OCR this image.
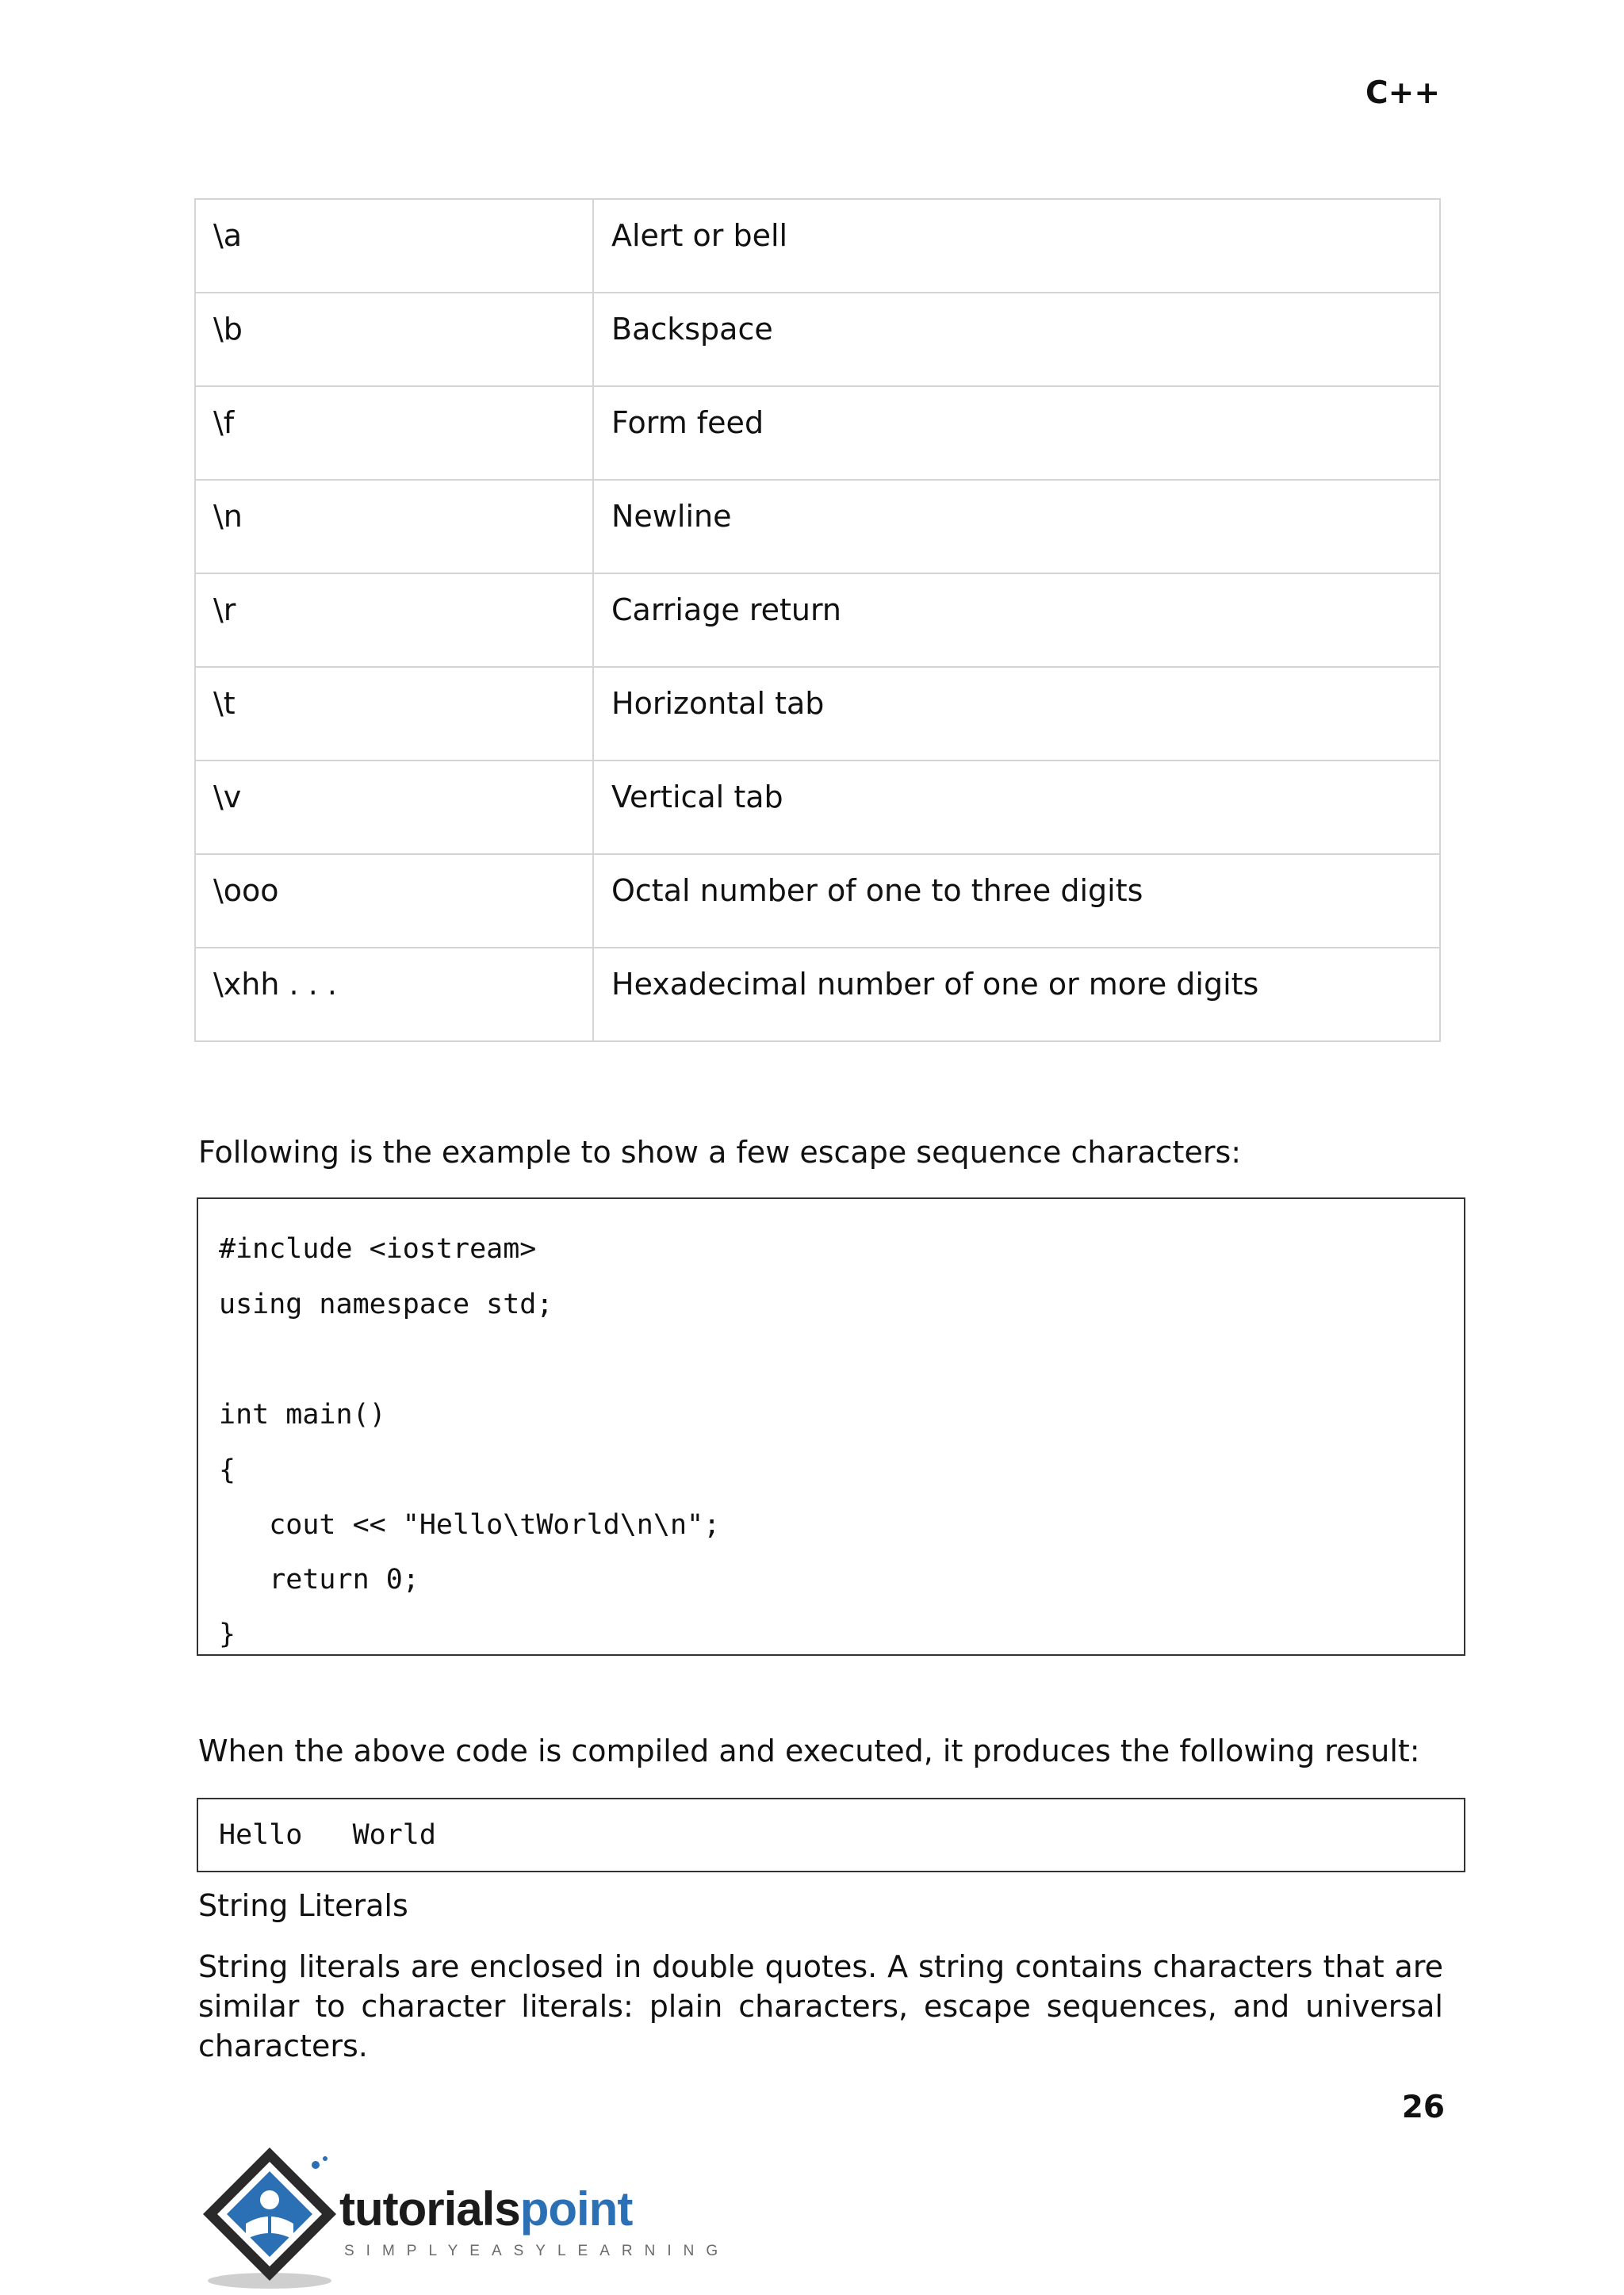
C++
\a	Alert or bell
\b	Backspace
\f	Form feed
\n	Newline
\r	Carriage return
\t	Horizontal tab
\v	Vertical tab
\ooo	Octal number of one to three digits
\xhh . . .	Hexadecimal number of one or more digits

Following is the example to show a few escape sequence characters:

#include <iostream>
using namespace std;
int main()
{
cout << "Hello\tWorld\n\n";
return 0;
}

When the above code is compiled and executed, it produces the following result:

Hello   World

String Literals

String literals are enclosed in double quotes. A string contains characters that are similar to character literals: plain characters, escape sequences, and universal characters.

26
tutorialspoint
SIMPLYEASYLEARNING
